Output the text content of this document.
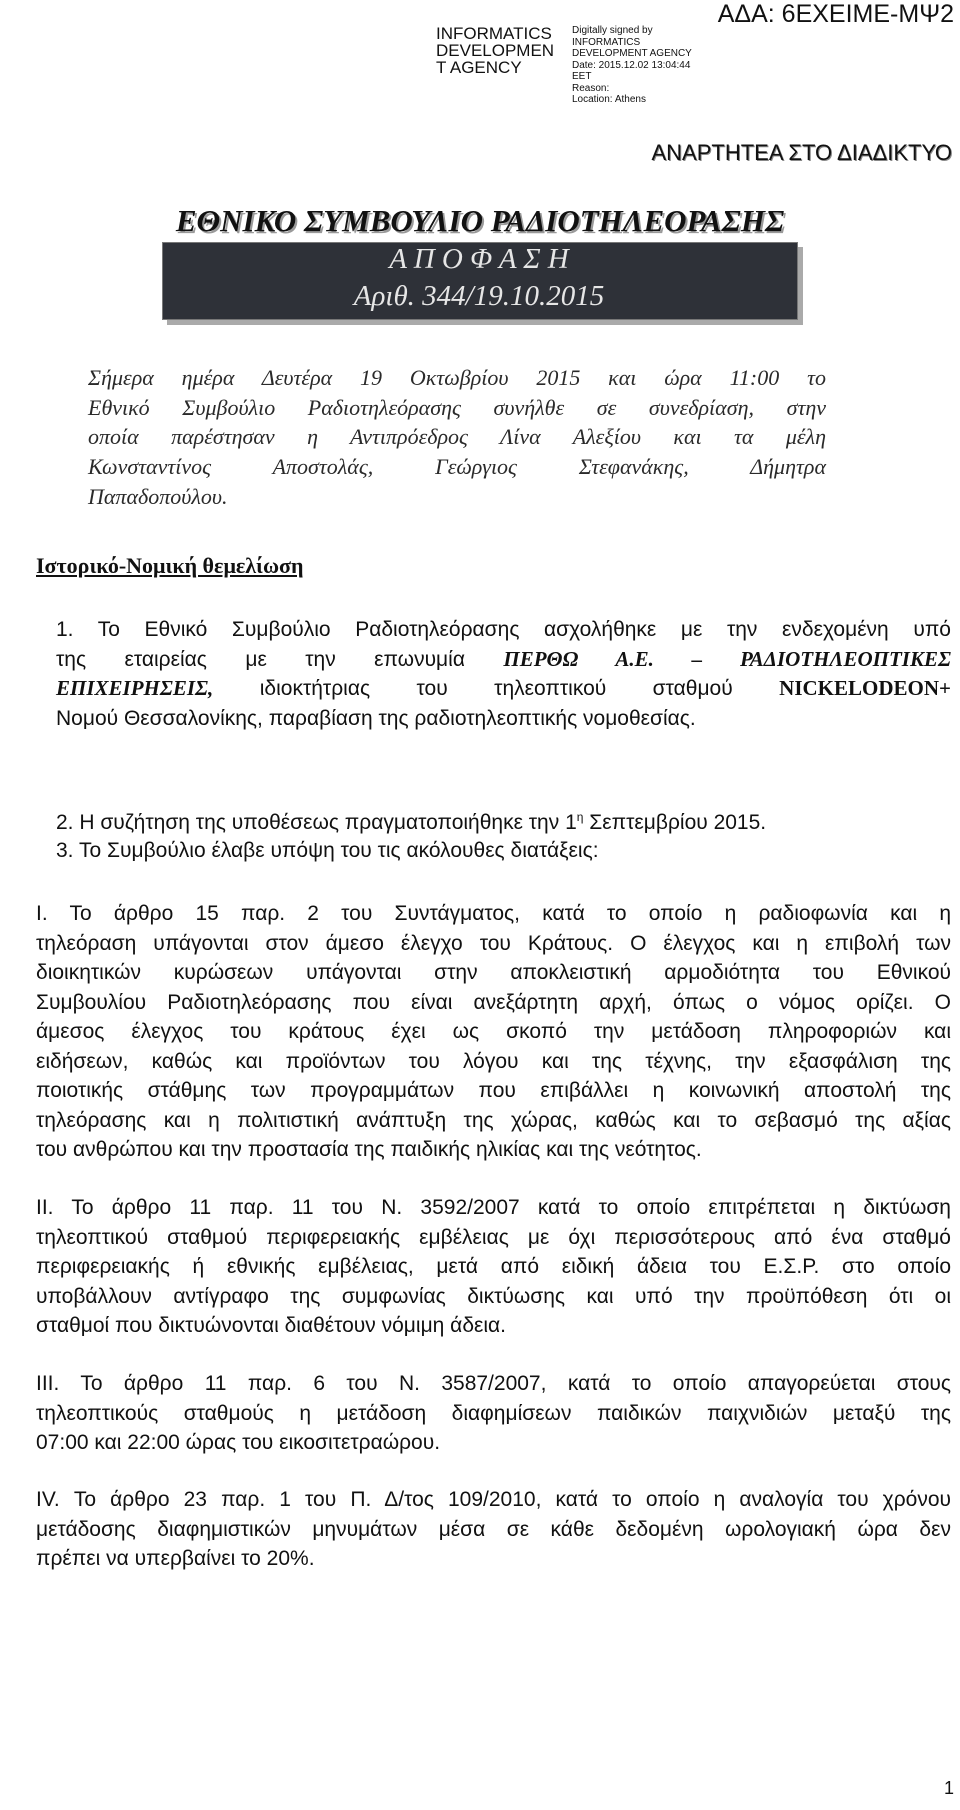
INFORMATICS
DEVELOPMEN
T AGENCY
Digitally signed by
INFORMATICS
DEVELOPMENT AGENCY
Date: 2015.12.02 13:04:44
EET
Reason:
Location: Athens
ΑΔΑ: 6ΕΧΕΙΜΕ-ΜΨ2
ΑΝΑΡΤΗΤΕΑ ΣΤΟ ΔΙΑΔΙΚΤΥΟ
ΕΘΝΙΚΟ ΣΥΜΒΟΥΛΙΟ ΡΑΔΙΟΤΗΛΕΟΡΑΣΗΣ
Α Π Ο Φ Α Σ Η
Αριθ. 344/19.10.2015
Σήμερα ημέρα Δευτέρα 19 Οκτωβρίου 2015 και ώρα 11:00 το
Εθνικό Συμβούλιο Ραδιοτηλεόρασης συνήλθε σε συνεδρίαση, στην
οποία παρέστησαν η Αντιπρόεδρος Λίνα Αλεξίου και τα μέλη
Κωνσταντίνος Αποστολάς, Γεώργιος Στεφανάκης, Δήμητρα
Παπαδοπούλου.
Ιστορικό-Νομική θεμελίωση
1. Το Εθνικό Συμβούλιο Ραδιοτηλεόρασης ασχολήθηκε με την ενδεχομένη υπό
της εταιρείας με την επωνυμία ΠΕΡΘΩ Α.Ε. – ΡΑΔΙΟΤΗΛΕΟΠΤΙΚΕΣ
ΕΠΙΧΕΙΡΗΣΕΙΣ, ιδιοκτήτριας του τηλεοπτικού σταθμού NICKELODEON+
Νομού Θεσσαλονίκης, παραβίαση της ραδιοτηλεοπτικής νομοθεσίας.
2. Η συζήτηση της υποθέσεως πραγματοποιήθηκε την $1^\eta$ Σεπτεμβρίου 2015.
3. Το Συμβούλιο έλαβε υπόψη του τις ακόλουθες διατάξεις:
Ι. Το άρθρο 15 παρ. 2 του Συντάγματος, κατά το οποίο η ραδιοφωνία και η
τηλεόραση υπάγονται στον άμεσο έλεγχο του Κράτους. Ο έλεγχος και η επιβολή των
διοικητικών κυρώσεων υπάγονται στην αποκλειστική αρμοδιότητα του Εθνικού
Συμβουλίου Ραδιοτηλεόρασης που είναι ανεξάρτητη αρχή, όπως ο νόμος ορίζει. Ο
άμεσος έλεγχος του κράτους έχει ως σκοπό την μετάδοση πληροφοριών και
ειδήσεων, καθώς και προϊόντων του λόγου και της τέχνης, την εξασφάλιση της
ποιοτικής στάθμης των προγραμμάτων που επιβάλλει η κοινωνική αποστολή της
τηλεόρασης και η πολιτιστική ανάπτυξη της χώρας, καθώς και το σεβασμό της αξίας
του ανθρώπου και την προστασία της παιδικής ηλικίας και της νεότητος.
ΙΙ. Το άρθρο 11 παρ. 11 του Ν. 3592/2007 κατά το οποίο επιτρέπεται η δικτύωση
τηλεοπτικού σταθμού περιφερειακής εμβέλειας με όχι περισσότερους από ένα σταθμό
περιφερειακής ή εθνικής εμβέλειας, μετά από ειδική άδεια του Ε.Σ.Ρ. στο οποίο
υποβάλλουν αντίγραφο της συμφωνίας δικτύωσης και υπό την προϋπόθεση ότι οι
σταθμοί που δικτυώνονται διαθέτουν νόμιμη άδεια.
ΙΙΙ. Το άρθρο 11 παρ. 6 του Ν. 3587/2007, κατά το οποίο απαγορεύεται στους
τηλεοπτικούς σταθμούς η μετάδοση διαφημίσεων παιδικών παιχνιδιών μεταξύ της
07:00 και 22:00 ώρας του εικοσιτετραώρου.
IV. Το άρθρο 23 παρ. 1 του Π. Δ/τος 109/2010, κατά το οποίο η αναλογία του χρόνου
μετάδοσης διαφημιστικών μηνυμάτων μέσα σε κάθε δεδομένη ωρολογιακή ώρα δεν
πρέπει να υπερβαίνει το 20%.
1
